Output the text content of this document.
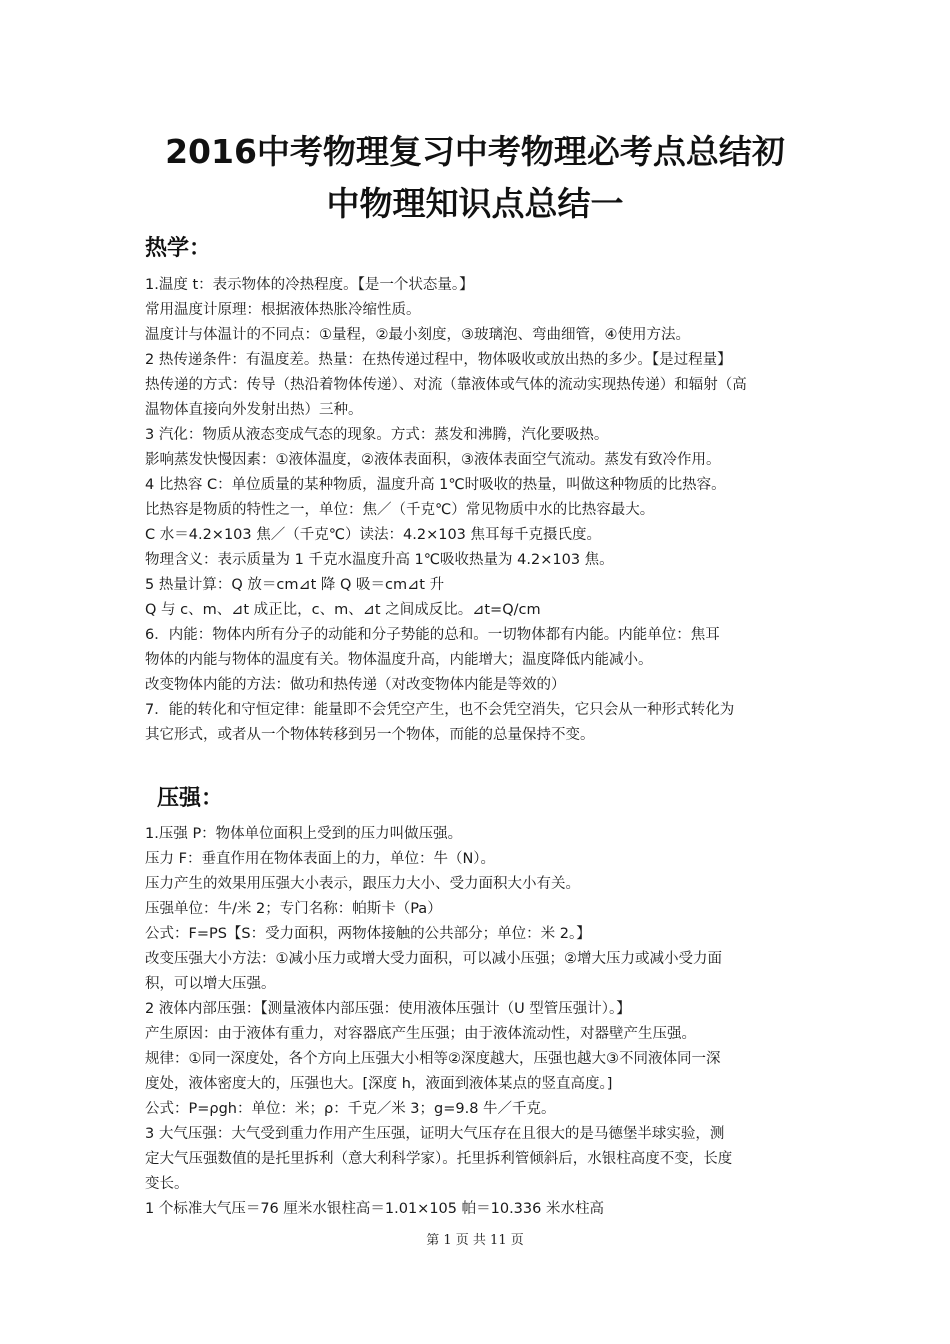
2016中考物理复习中考物理必考点总结初
中物理知识点总结一
热学：
1.温度 t：表示物体的冷热程度。【是一个状态量。】
常用温度计原理：根据液体热胀冷缩性质。
温度计与体温计的不同点：①量程，②最小刻度，③玻璃泡、弯曲细管，④使用方法。
2 热传递条件：有温度差。热量：在热传递过程中，物体吸收或放出热的多少。【是过程量】
热传递的方式：传导（热沿着物体传递）、对流（靠液体或气体的流动实现热传递）和辐射（高
温物体直接向外发射出热）三种。
3 汽化：物质从液态变成气态的现象。方式：蒸发和沸腾，汽化要吸热。
影响蒸发快慢因素：①液体温度，②液体表面积，③液体表面空气流动。蒸发有致冷作用。
4 比热容 C：单位质量的某种物质，温度升高 1℃时吸收的热量，叫做这种物质的比热容。
比热容是物质的特性之一，单位：焦／（千克℃）常见物质中水的比热容最大。
C 水＝4.2×103 焦／（千克℃）读法：4.2×103 焦耳每千克摄氏度。
物理含义：表示质量为 1 千克水温度升高 1℃吸收热量为 4.2×103 焦。
5 热量计算：Q 放＝cm⊿t 降 Q 吸＝cm⊿t 升
Q 与 c、m、⊿t 成正比，c、m、⊿t 之间成反比。⊿t=Q/cm
6．内能：物体内所有分子的动能和分子势能的总和。一切物体都有内能。内能单位：焦耳
物体的内能与物体的温度有关。物体温度升高，内能增大；温度降低内能减小。
改变物体内能的方法：做功和热传递（对改变物体内能是等效的）
7．能的转化和守恒定律：能量即不会凭空产生，也不会凭空消失，它只会从一种形式转化为
其它形式，或者从一个物体转移到另一个物体，而能的总量保持不变。
压强：
1.压强 P：物体单位面积上受到的压力叫做压强。
压力 F：垂直作用在物体表面上的力，单位：牛（N）。
压力产生的效果用压强大小表示，跟压力大小、受力面积大小有关。
压强单位：牛/米 2；专门名称：帕斯卡（Pa）
公式：F=PS【S：受力面积，两物体接触的公共部分；单位：米 2。】
改变压强大小方法：①减小压力或增大受力面积，可以减小压强；②增大压力或减小受力面
积，可以增大压强。
2 液体内部压强：【测量液体内部压强：使用液体压强计（U 型管压强计）。】
产生原因：由于液体有重力，对容器底产生压强；由于液体流动性，对器壁产生压强。
规律：①同一深度处，各个方向上压强大小相等②深度越大，压强也越大③不同液体同一深
度处，液体密度大的，压强也大。[深度 h，液面到液体某点的竖直高度。]
公式：P=ρgh：单位：米；ρ：千克／米 3；g=9.8 牛／千克。
3 大气压强：大气受到重力作用产生压强，证明大气压存在且很大的是马德堡半球实验，测
定大气压强数值的是托里拆利（意大利科学家）。托里拆利管倾斜后，水银柱高度不变，长度
变长。
1 个标准大气压＝76 厘米水银柱高＝1.01×105 帕＝10.336 米水柱高
第 1 页 共 11 页
